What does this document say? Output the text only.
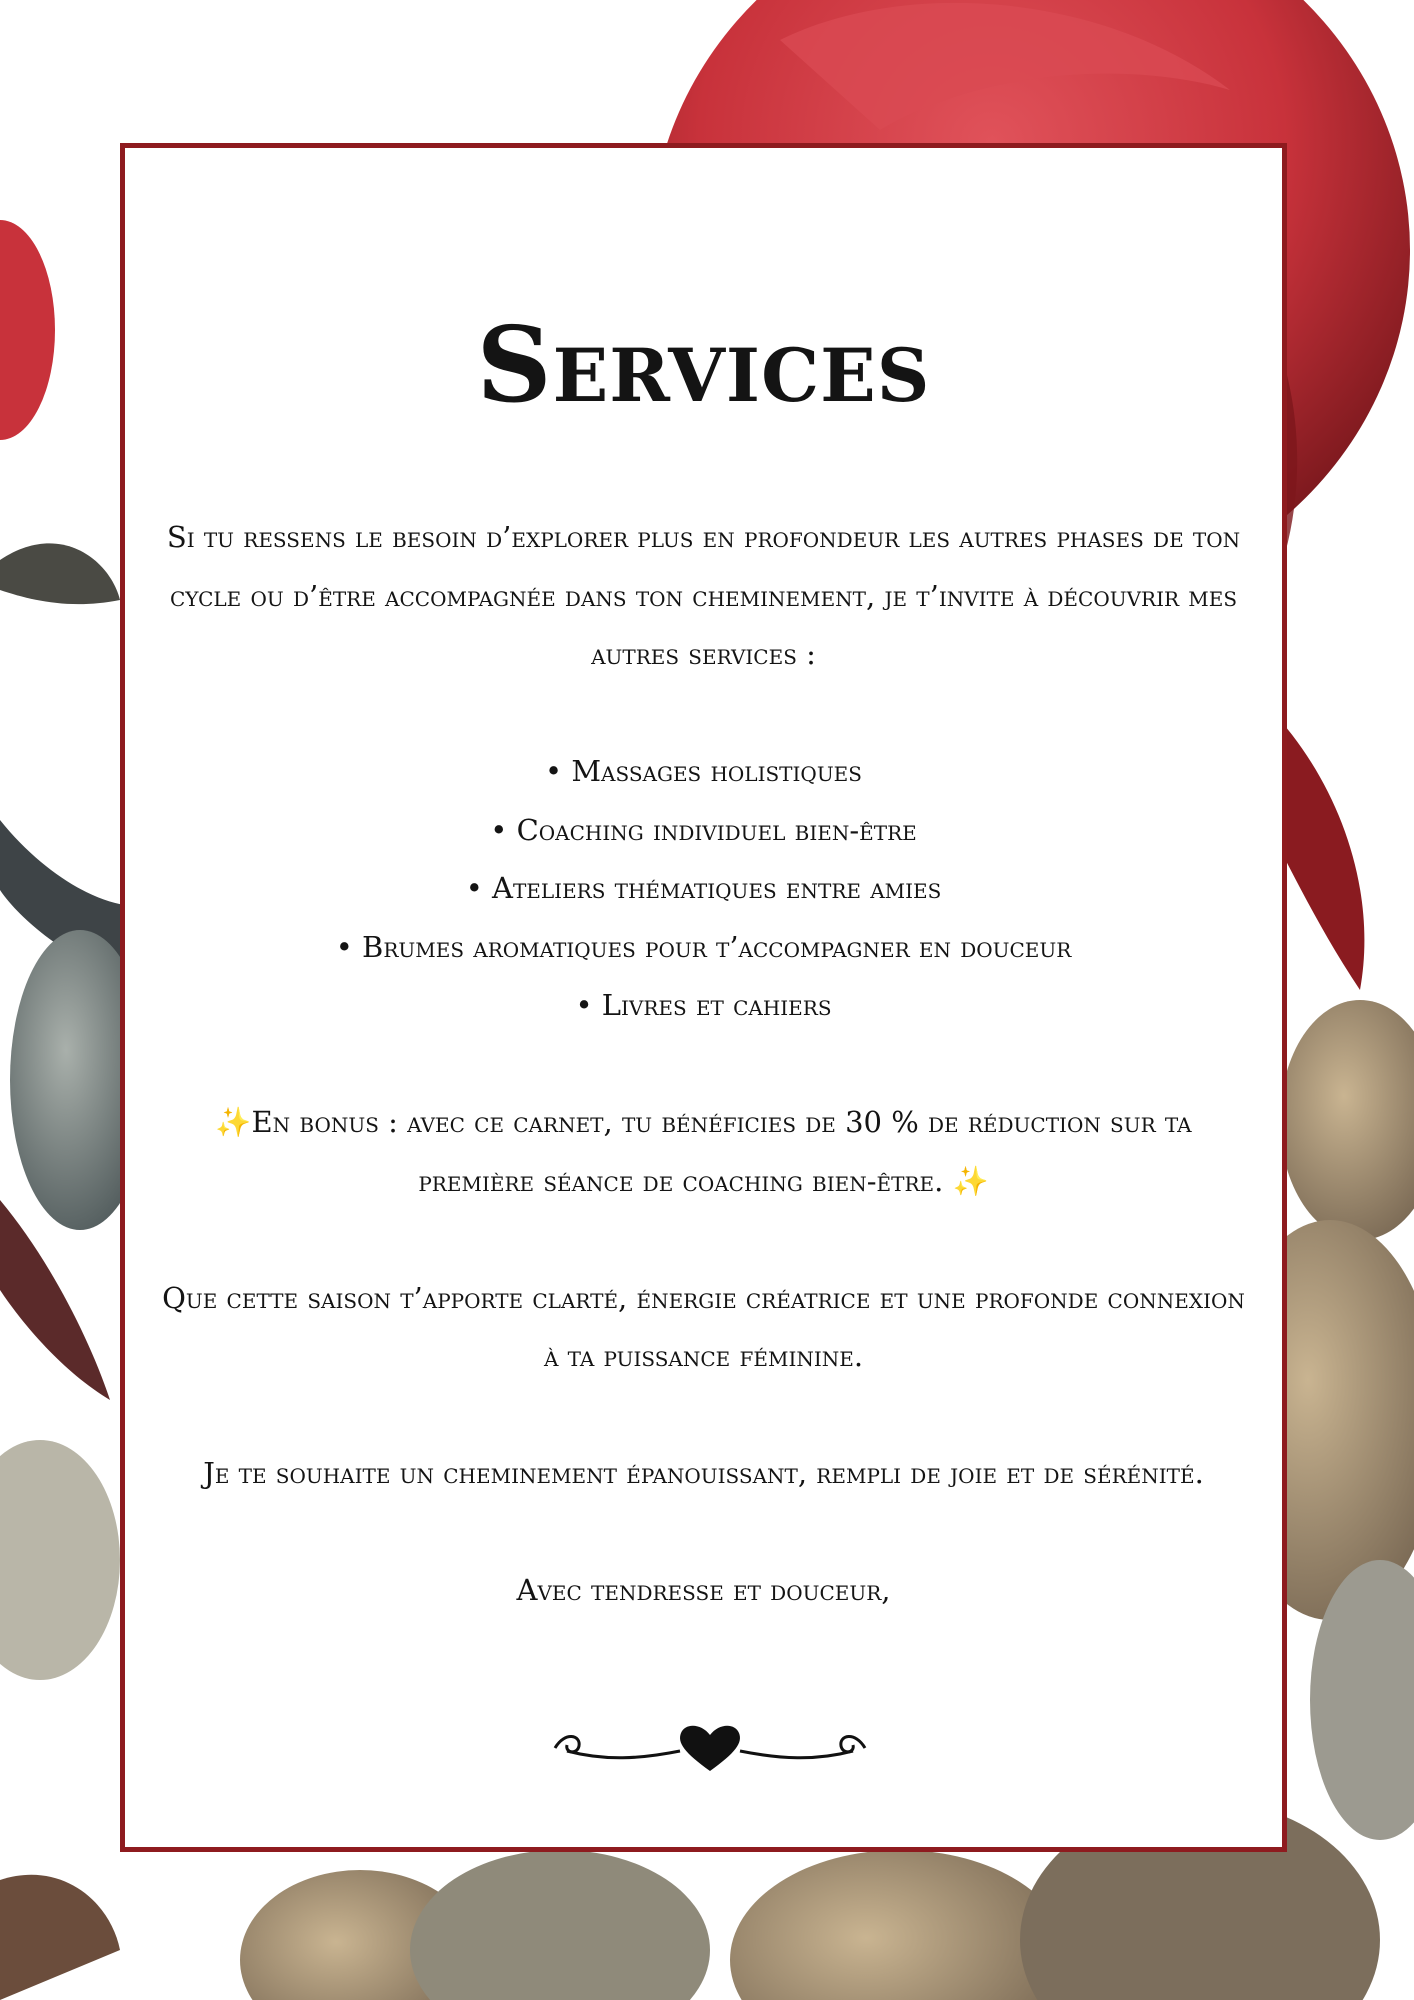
Services

Si tu ressens le besoin d’explorer plus en profondeur les autres phases de ton cycle ou d’être accompagnée dans ton cheminement, je t’invite à découvrir mes autres services :

• Massages holistiques
• Coaching individuel bien-être
• Ateliers thématiques entre amies
• Brumes aromatiques pour t’accompagner en douceur
• Livres et cahiers

✨En bonus : avec ce carnet, tu bénéficies de 30 % de réduction sur ta première séance de coaching bien-être. ✨

Que cette saison t’apporte clarté, énergie créatrice et une profonde connexion à ta puissance féminine.

Je te souhaite un cheminement épanouissant, rempli de joie et de sérénité.

Avec tendresse et douceur,
